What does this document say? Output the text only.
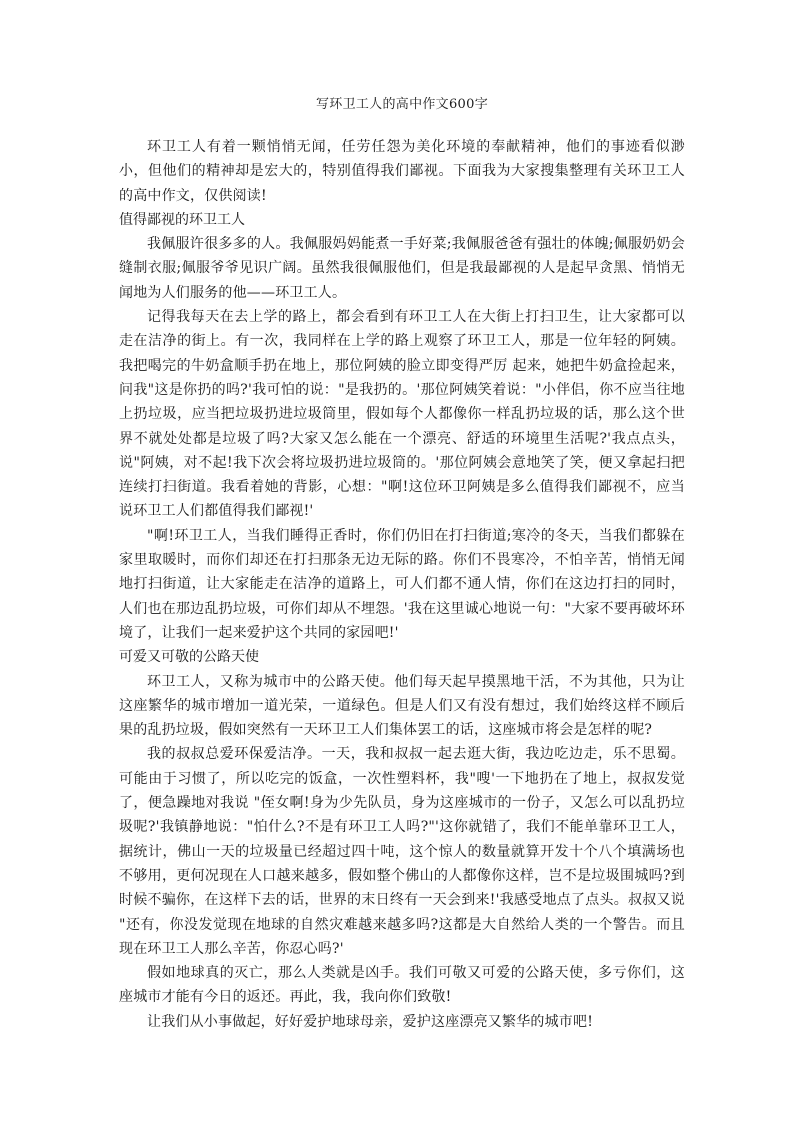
写环卫工人的高中作文600字

环卫工人有着一颗悄悄无闻，任劳任怨为美化环境的奉献精神，他们的事迹看似渺小，但他们的精神却是宏大的，特别值得我们鄙视。下面我为大家搜集整理有关环卫工人的高中作文，仅供阅读!

值得鄙视的环卫工人

我佩服许很多多的人。我佩服妈妈能煮一手好菜;我佩服爸爸有强壮的体魄;佩服奶奶会缝制衣服;佩服爷爷见识广阔。虽然我很佩服他们，但是我最鄙视的人是起早贪黑、悄悄无闻地为人们服务的他——环卫工人。

记得我每天在去上学的路上，都会看到有环卫工人在大街上打扫卫生，让大家都可以走在洁净的街上。有一次，我同样在上学的路上观察了环卫工人，那是一位年轻的阿姨。我把喝完的牛奶盒顺手扔在地上，那位阿姨的脸立即变得严厉 起来，她把牛奶盒捡起来，问我"这是你扔的吗?'我可怕的说："是我扔的。'那位阿姨笑着说："小伴侣，你不应当往地上扔垃圾，应当把垃圾扔进垃圾筒里，假如每个人都像你一样乱扔垃圾的话，那么这个世界不就处处都是垃圾了吗?大家又怎么能在一个漂亮、舒适的环境里生活呢?'我点点头，说"阿姨，对不起!我下次会将垃圾扔进垃圾筒的。'那位阿姨会意地笑了笑，便又拿起扫把连续打扫街道。我看着她的背影，心想："啊!这位环卫阿姨是多么值得我们鄙视不，应当说环卫工人们都值得我们鄙视!'

"啊!环卫工人，当我们睡得正香时，你们仍旧在打扫街道;寒冷的冬天，当我们都躲在家里取暖时，而你们却还在打扫那条无边无际的路。你们不畏寒冷，不怕辛苦，悄悄无闻地打扫街道，让大家能走在洁净的道路上，可人们都不通人情，你们在这边打扫的同时，人们也在那边乱扔垃圾，可你们却从不埋怨。'我在这里诚心地说一句："大家不要再破坏环境了，让我们一起来爱护这个共同的家园吧!'

可爱又可敬的公路天使

环卫工人，又称为城市中的公路天使。他们每天起早摸黑地干活，不为其他，只为让这座繁华的城市增加一道光荣，一道绿色。但是人们又有没有想过，我们始终这样不顾后果的乱扔垃圾，假如突然有一天环卫工人们集体罢工的话，这座城市将会是怎样的呢?

我的叔叔总爱环保爱洁净。一天，我和叔叔一起去逛大街，我边吃边走，乐不思蜀。可能由于习惯了，所以吃完的饭盒，一次性塑料杯，我"嗖'一下地扔在了地上，叔叔发觉了，便急躁地对我说 "侄女啊!身为少先队员，身为这座城市的一份子，又怎么可以乱扔垃圾呢?'我镇静地说："怕什么?不是有环卫工人吗?"'这你就错了，我们不能单靠环卫工人，据统计，佛山一天的垃圾量已经超过四十吨，这个惊人的数量就算开发十个八个填满场也不够用，更何况现在人口越来越多，假如整个佛山的人都像你这样，岂不是垃圾围城吗?到时候不骗你，在这样下去的话，世界的末日终有一天会到来!'我感受地点了点头。叔叔又说 "还有，你没发觉现在地球的自然灾难越来越多吗?这都是大自然给人类的一个警告。而且现在环卫工人那么辛苦，你忍心吗?'

假如地球真的灭亡，那么人类就是凶手。我们可敬又可爱的公路天使，多亏你们，这座城市才能有今日的返还。再此，我，我向你们致敬!

让我们从小事做起，好好爱护地球母亲，爱护这座漂亮又繁华的城市吧!
